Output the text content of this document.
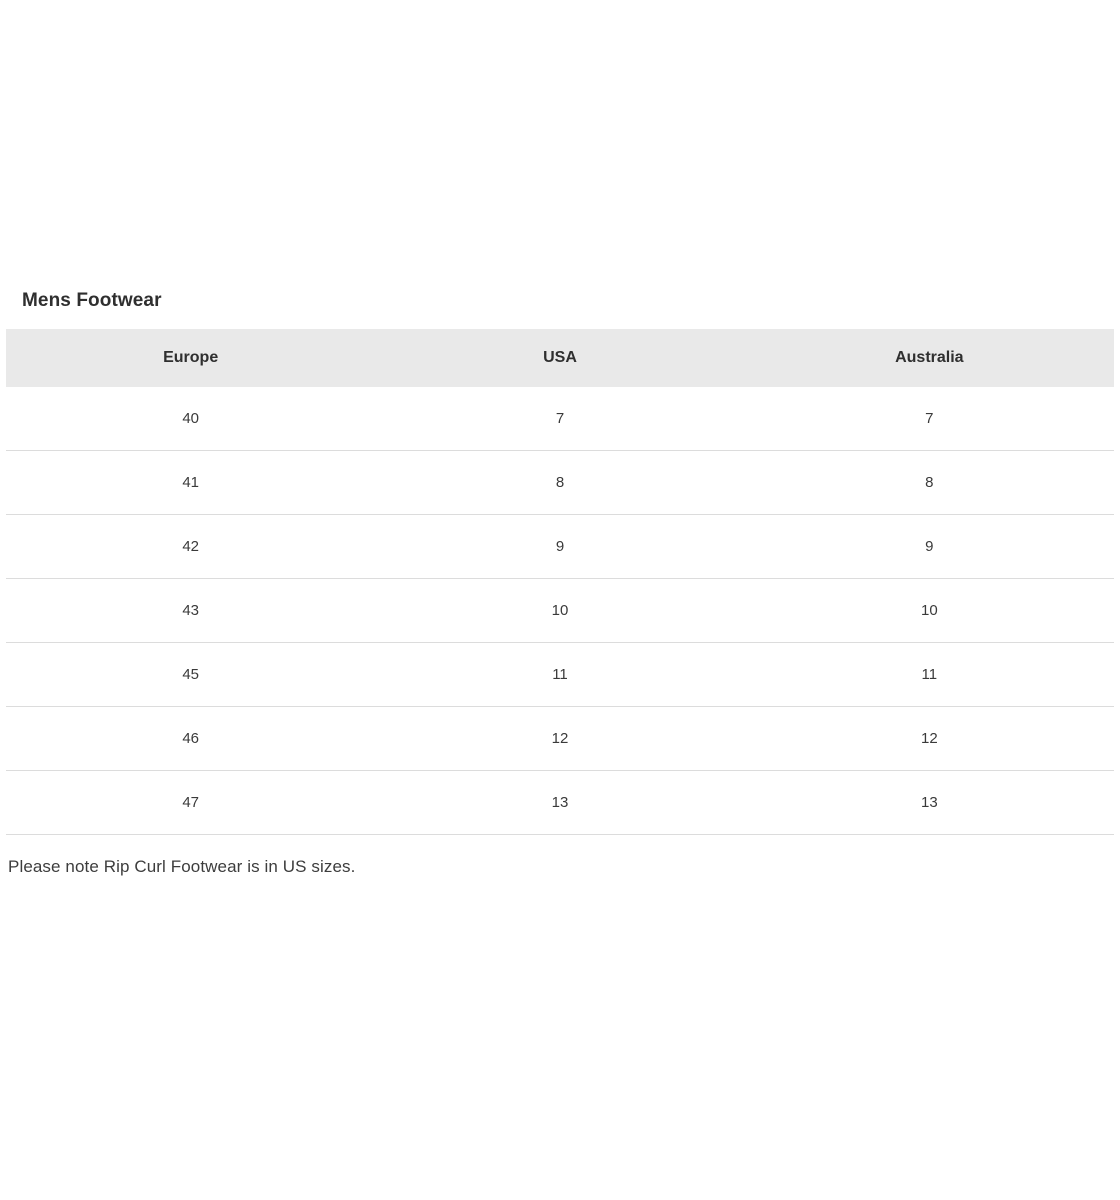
Mens Footwear
Europe	USA	Australia
40	7	7
41	8	8
42	9	9
43	10	10
45	11	11
46	12	12
47	13	13

Please note Rip Curl Footwear is in US sizes.
